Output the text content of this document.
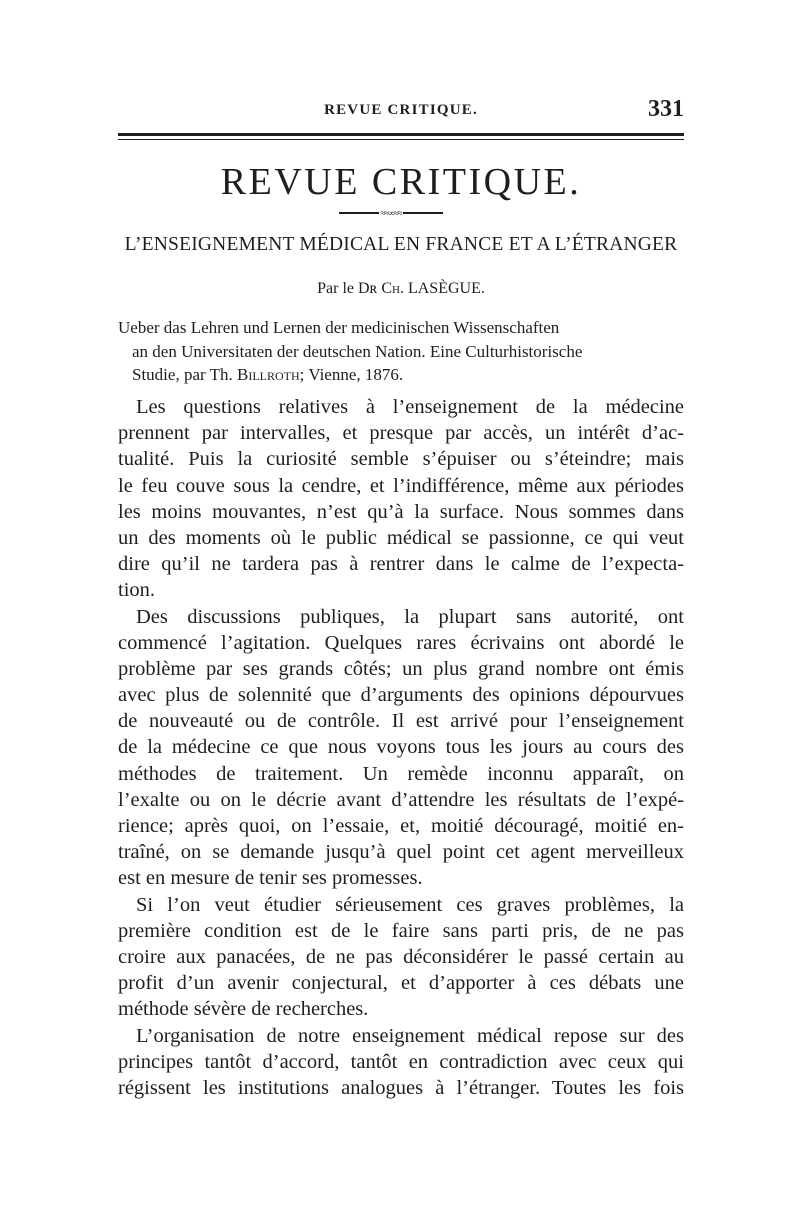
REVUE CRITIQUE.	331
REVUE CRITIQUE.
≈≈∞≈≈
L’ENSEIGNEMENT MÉDICAL EN FRANCE ET A L’ÉTRANGER
Par le Dʀ Ch. LASÈGUE.
Ueber das Lehren und Lernen der medicinischen Wissenschaften
an den Universitaten der deutschen Nation. Eine Culturhistorische
Studie, par Th. Billroth; Vienne, 1876.
Les questions relatives à l’enseignement de la médecine
prennent par intervalles, et presque par accès, un intérêt d’ac-
tualité. Puis la curiosité semble s’épuiser ou s’éteindre; mais
le feu couve sous la cendre, et l’indifférence, même aux périodes
les moins mouvantes, n’est qu’à la surface. Nous sommes dans
un des moments où le public médical se passionne, ce qui veut
dire qu’il ne tardera pas à rentrer dans le calme de l’expecta-
tion.
Des discussions publiques, la plupart sans autorité, ont
commencé l’agitation. Quelques rares écrivains ont abordé le
problème par ses grands côtés; un plus grand nombre ont émis
avec plus de solennité que d’arguments des opinions dépourvues
de nouveauté ou de contrôle. Il est arrivé pour l’enseignement
de la médecine ce que nous voyons tous les jours au cours des
méthodes de traitement. Un remède inconnu apparaît, on
l’exalte ou on le décrie avant d’attendre les résultats de l’expé-
rience; après quoi, on l’essaie, et, moitié découragé, moitié en-
traîné, on se demande jusqu’à quel point cet agent merveilleux
est en mesure de tenir ses promesses.
Si l’on veut étudier sérieusement ces graves problèmes, la
première condition est de le faire sans parti pris, de ne pas
croire aux panacées, de ne pas déconsidérer le passé certain au
profit d’un avenir conjectural, et d’apporter à ces débats une
méthode sévère de recherches.
L’organisation de notre enseignement médical repose sur des
principes tantôt d’accord, tantôt en contradiction avec ceux qui
régissent les institutions analogues à l’étranger. Toutes les fois
